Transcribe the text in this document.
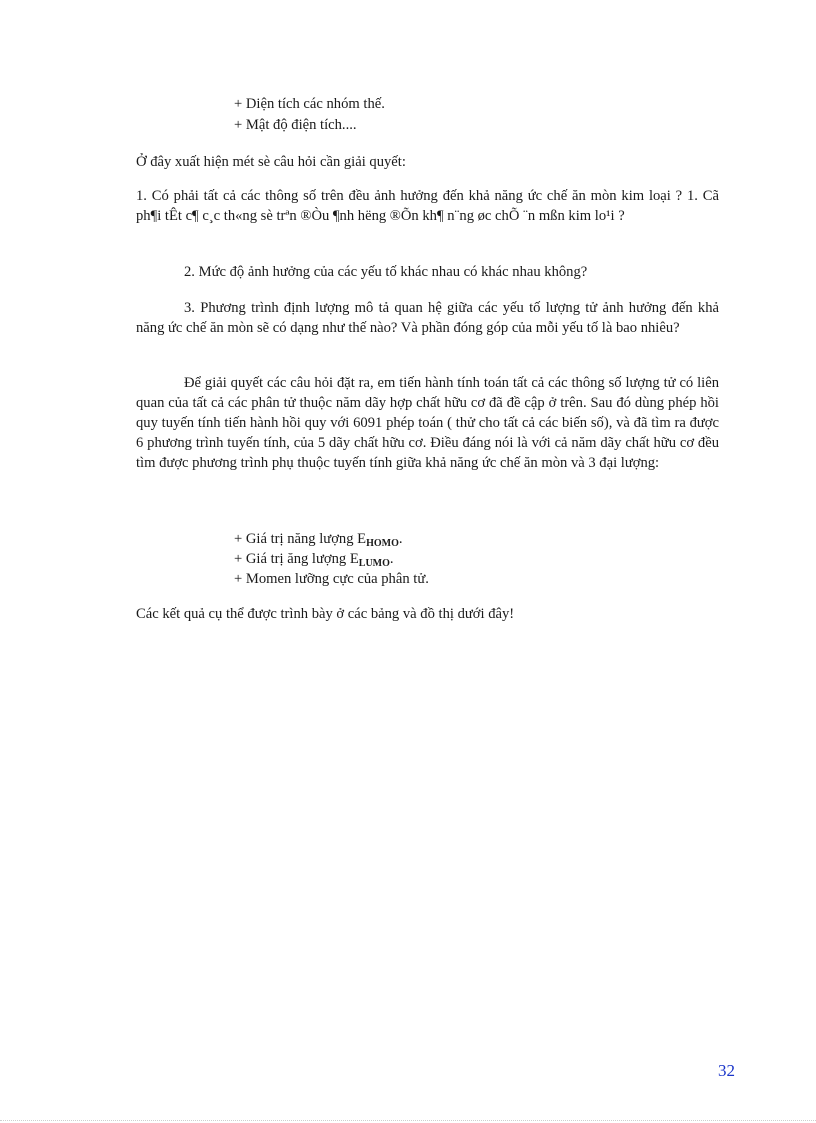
+ Diện tích các nhóm thế.
+ Mật độ điện tích....
Ở đây xuất hiện mét sè câu hỏi cần giải quyết:
1. Có phải tất cả các thông số trên đều ảnh hưởng đến khả năng ức chế ăn mòn kim loại ? 1. Cã ph¶i tÊt c¶ c¸c th«ng sè trªn ®Òu ¶nh hëng ®Õn kh¶ n¨ng øc chÕ ¨n mßn kim lo¹i ?
2. Mức độ ảnh hưởng của các yếu tố khác nhau có khác nhau không?
3. Phương trình định lượng mô tả quan hệ giữa các yếu tố lượng tử ảnh hưởng đến khả năng ức chế ăn mòn sẽ có dạng như thế nào? Và phần đóng góp của mỗi yếu tố là bao nhiêu?
Để giải quyết các câu hỏi đặt ra, em tiến hành tính toán tất cả các thông số lượng tử có liên quan của tất cả các phân tử thuộc năm dãy hợp chất hữu cơ đã đề cập ở trên. Sau đó dùng phép hồi quy tuyến tính tiến hành hồi quy với 6091 phép toán ( thử cho tất cả các biến số), và đã tìm ra được 6 phương trình tuyến tính, của 5 dãy chất hữu cơ. Điều đáng nói là với cả năm dãy chất hữu cơ đều tìm được phương trình phụ thuộc tuyến tính giữa khả năng ức chế ăn mòn và 3 đại lượng:
+ Giá trị năng lượng $E_{HOMO}$.
+ Giá trị ăng lượng $E_{LUMO}$.
+ Momen lưỡng cực của phân tử.
Các kết quả cụ thể được trình bày ở các bảng và đồ thị dưới đây!
32
